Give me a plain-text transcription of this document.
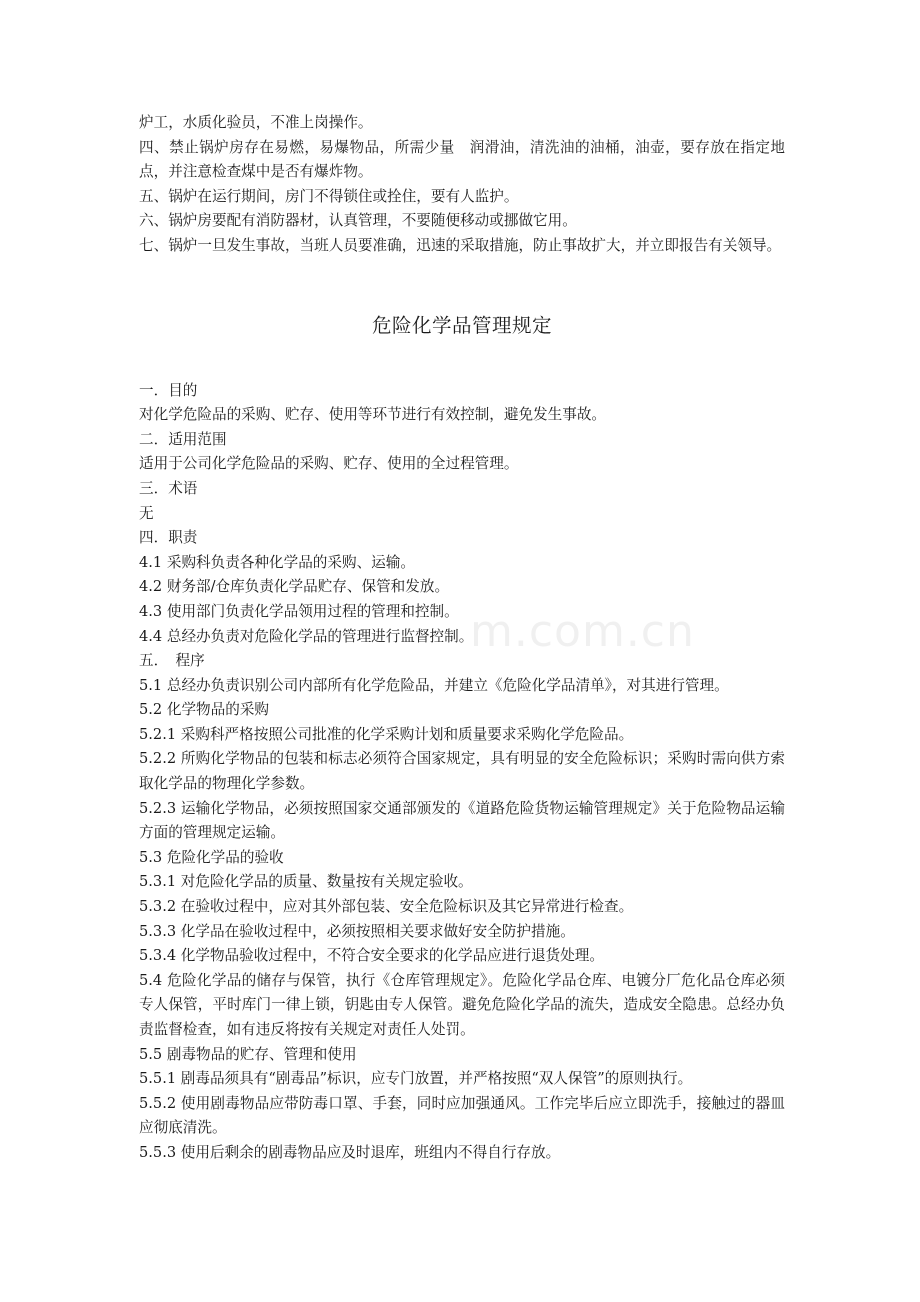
m.com.cn
炉工，水质化验员，不准上岗操作。
四、禁止锅炉房存在易燃，易爆物品，所需少量　润滑油，清洗油的油桶，油壶，要存放在指定地点，并注意检查煤中是否有爆炸物。
五、锅炉在运行期间，房门不得锁住或拴住，要有人监护。
六、锅炉房要配有消防器材，认真管理，不要随便移动或挪做它用。
七、锅炉一旦发生事故，当班人员要准确，迅速的采取措施，防止事故扩大，并立即报告有关领导。
危险化学品管理规定
一．目的
对化学危险品的采购、贮存、使用等环节进行有效控制，避免发生事故。
二．适用范围
适用于公司化学危险品的采购、贮存、使用的全过程管理。
三．术语
无
四．职责
4.1 采购科负责各种化学品的采购、运输。
4.2 财务部/仓库负责化学品贮存、保管和发放。
4.3 使用部门负责化学品领用过程的管理和控制。
4.4 总经办负责对危险化学品的管理进行监督控制。
五．　程序
5.1 总经办负责识别公司内部所有化学危险品，并建立《危险化学品清单》，对其进行管理。
5.2 化学物品的采购
5.2.1 采购科严格按照公司批准的化学采购计划和质量要求采购化学危险品。
5.2.2 所购化学物品的包装和标志必须符合国家规定，具有明显的安全危险标识；采购时需向供方索取化学品的物理化学参数。
5.2.3 运输化学物品，必须按照国家交通部颁发的《道路危险货物运输管理规定》关于危险物品运输方面的管理规定运输。
5.3 危险化学品的验收
5.3.1 对危险化学品的质量、数量按有关规定验收。
5.3.2 在验收过程中，应对其外部包装、安全危险标识及其它异常进行检查。
5.3.3 化学品在验收过程中，必须按照相关要求做好安全防护措施。
5.3.4 化学物品验收过程中，不符合安全要求的化学品应进行退货处理。
5.4 危险化学品的储存与保管，执行《仓库管理规定》。危险化学品仓库、电镀分厂危化品仓库必须专人保管，平时库门一律上锁，钥匙由专人保管。避免危险化学品的流失，造成安全隐患。总经办负责监督检查，如有违反将按有关规定对责任人处罚。
5.5 剧毒物品的贮存、管理和使用
5.5.1 剧毒品须具有“剧毒品”标识，应专门放置，并严格按照“双人保管”的原则执行。
5.5.2 使用剧毒物品应带防毒口罩、手套，同时应加强通风。工作完毕后应立即洗手，接触过的器皿应彻底清洗。
5.5.3 使用后剩余的剧毒物品应及时退库，班组内不得自行存放。
